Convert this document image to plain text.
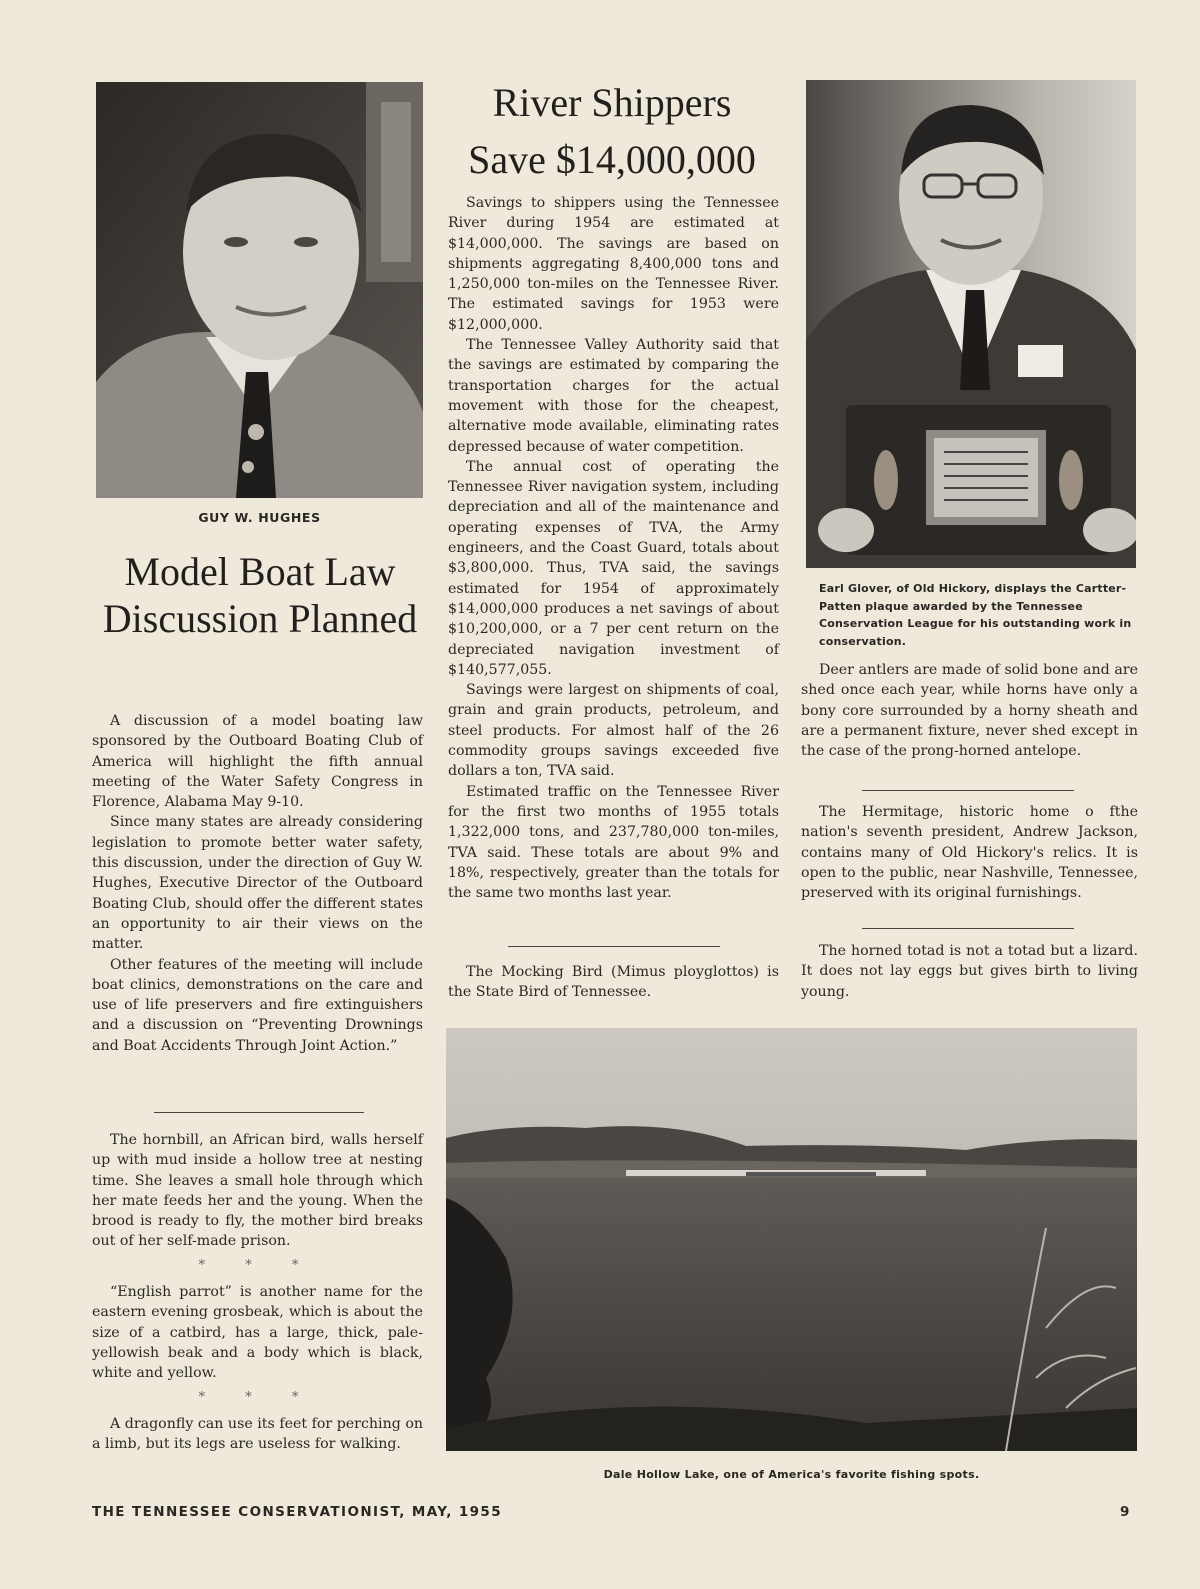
GUY W. HUGHES
Model Boat Law Discussion Planned

A discussion of a model boating law sponsored by the Outboard Boating Club of America will highlight the fifth annual meeting of the Water Safety Congress in Florence, Alabama May 9-10.

Since many states are already considering legislation to promote better water safety, this discussion, under the direction of Guy W. Hughes, Executive Director of the Outboard Boating Club, should offer the different states an opportunity to air their views on the matter.

Other features of the meeting will include boat clinics, demonstrations on the care and use of life preservers and fire extinguishers and a discussion on “Preventing Drownings and Boat Accidents Through Joint Action.”

The hornbill, an African bird, walls herself up with mud inside a hollow tree at nesting time. She leaves a small hole through which her mate feeds her and the young. When the brood is ready to fly, the mother bird breaks out of her self-made prison.

* * *

“English parrot” is another name for the eastern evening grosbeak, which is about the size of a catbird, has a large, thick, pale-yellowish beak and a body which is black, white and yellow.

* * *

A dragonfly can use its feet for perching on a limb, but its legs are useless for walking.

River Shippers Save $14,000,000

Savings to shippers using the Tennessee River during 1954 are estimated at $14,000,000. The savings are based on shipments aggregating 8,400,000 tons and 1,250,000 ton-miles on the Tennessee River. The estimated savings for 1953 were $12,000,000.

The Tennessee Valley Authority said that the savings are estimated by comparing the transportation charges for the actual movement with those for the cheapest, alternative mode available, eliminating rates depressed because of water competition.

The annual cost of operating the Tennessee River navigation system, including depreciation and all of the maintenance and operating expenses of TVA, the Army engineers, and the Coast Guard, totals about $3,800,000. Thus, TVA said, the savings estimated for 1954 of approximately $14,000,000 produces a net savings of about $10,200,000, or a 7 per cent return on the depreciated navigation investment of $140,577,055.

Savings were largest on shipments of coal, grain and grain products, petroleum, and steel products. For almost half of the 26 commodity groups savings exceeded five dollars a ton, TVA said.

Estimated traffic on the Tennessee River for the first two months of 1955 totals 1,322,000 tons, and 237,780,000 ton-miles, TVA said. These totals are about 9% and 18%, respectively, greater than the totals for the same two months last year.

The Mocking Bird (Mimus ployglottos) is the State Bird of Tennessee.

Earl Glover, of Old Hickory, displays the Cartter-Patten plaque awarded by the Tennessee Conservation League for his outstanding work in conservation.

Deer antlers are made of solid bone and are shed once each year, while horns have only a bony core surrounded by a horny sheath and are a permanent fixture, never shed except in the case of the prong-horned antelope.

The Hermitage, historic home o fthe nation's seventh president, Andrew Jackson, contains many of Old Hickory's relics. It is open to the public, near Nashville, Tennessee, preserved with its original furnishings.

The horned totad is not a totad but a lizard. It does not lay eggs but gives birth to living young.

Dale Hollow Lake, one of America's favorite fishing spots.
THE TENNESSEE CONSERVATIONIST, MAY, 1955	9
